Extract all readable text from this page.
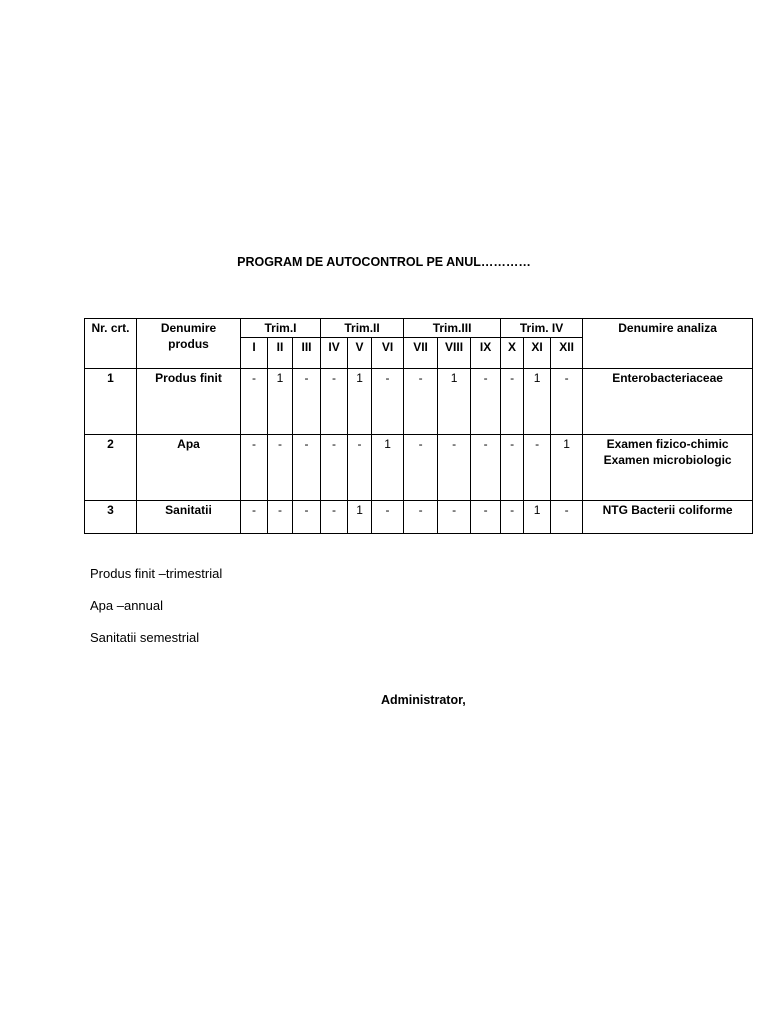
PROGRAM DE AUTOCONTROL PE ANUL…………
Nr. crt.	Denumire produs	Trim.I			Trim.II			Trim.III			Trim. IV			Denumire analiza
		I	II	III	IV	V	VI	VII	VIII	IX	X	XI	XII	
1	Produs finit	-	1	-	-	1	-	-	1	-	-	1	-	Enterobacteriaceae
2	Apa	-	-	-	-	-	1	-	-	-	-	-	1	Examen fizico-chimic Examen microbiologic
3	Sanitatii	-	-	-	-	1	-	-	-	-	-	1	-	NTG Bacterii coliforme
Produs finit –trimestrial
Apa –annual
Sanitatii semestrial
Administrator,
